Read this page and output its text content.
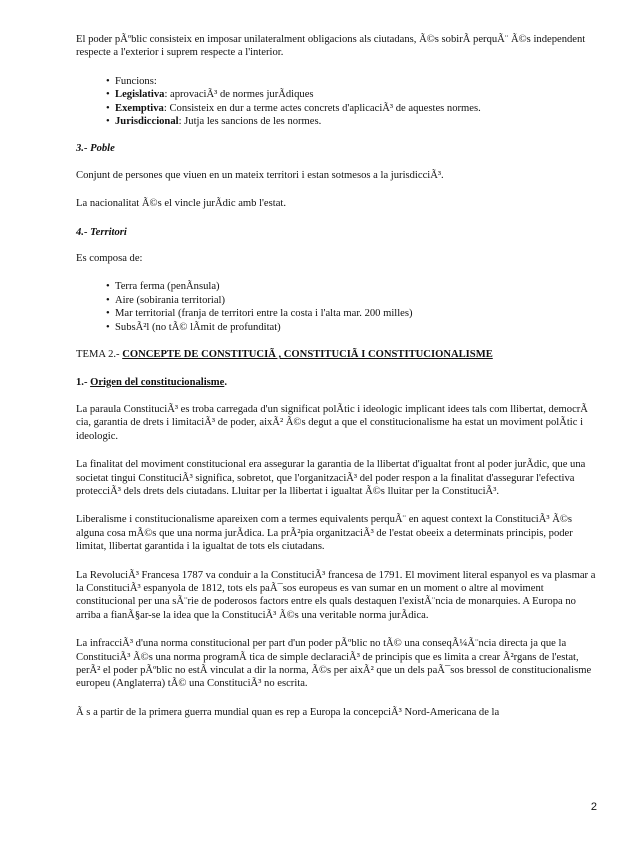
El poder pÃºblic consisteix en imposar unilateralment obligacions als ciutadans, Ã©s sobirÃ perquÃ¨ Ã©s independent respecte a l'exterior i suprem respecte a l'interior.

• Funcions:
• Legislativa: aprovaciÃ³ de normes jurÃdiques
• Exemptiva: Consisteix en dur a terme actes concrets d'aplicaciÃ³ de aquestes normes.
• Jurisdiccional: Jutja les sancions de les normes.

3.- Poble

Conjunt de persones que viuen en un mateix territori i estan sotmesos a la jurisdicciÃ³.

La nacionalitat Ã©s el vincle jurÃdic amb l'estat.

4.- Territori

Es composa de:

• Terra ferma (penÃnsula)
• Aire (sobirania territorial)
• Mar territorial (franja de territori entre la costa i l'alta mar. 200 milles)
• SubsÃ²l (no tÃ© lÃmit de profunditat)

TEMA 2.- CONCEPTE DE CONSTITUCIÃ , CONSTITUCIÃ I CONSTITUCIONALISME

1.- Origen del constitucionalisme.

La paraula ConstituciÃ³ es troba carregada d'un significat polÃtic i ideologic implicant idees tals com llibertat, democrÃ cia, garantia de drets i limitaciÃ³ de poder, aixÃ² Ã©s degut a que el constitucionalisme ha estat un moviment polÃtic i ideologic.

La finalitat del moviment constitucional era assegurar la garantia de la llibertat d'igualtat front al poder jurÃdic, que una societat tingui ConstituciÃ³ significa, sobretot, que l'organitzaciÃ³ del poder respon a la finalitat d'assegurar l'efectiva protecciÃ³ dels drets dels ciutadans. Lluitar per la llibertat i igualtat Ã©s lluitar per la ConstituciÃ³.

Liberalisme i constitucionalisme apareixen com a termes equivalents perquÃ¨ en aquest context la ConstituciÃ³ Ã©s alguna cosa mÃ©s que una norma jurÃdica. La prÃ²pia organitzaciÃ³ de l'estat obeeix a determinats principis, poder limitat, llibertat garantida i la igualtat de tots els ciutadans.

La RevoluciÃ³ Francesa 1787 va conduir a la ConstituciÃ³ francesa de 1791. El moviment literal espanyol es va plasmar a la ConstituciÃ³ espanyola de 1812, tots els paÃ¯sos europeus es van sumar en un moment o altre al moviment constitucional per una sÃ¨rie de poderosos factors entre els quals destaquen l'existÃ¨ncia de monarquies. A Europa no arriba a fianÃ§ar-se la idea que la ConstituciÃ³ Ã©s una veritable norma jurÃdica.

La infracciÃ³ d'una norma constitucional per part d'un poder pÃºblic no tÃ© una conseqÃ¼Ã¨ncia directa ja que la ConstituciÃ³ Ã©s una norma programÃ tica de simple declaraciÃ³ de principis que es limita a crear Ã²rgans de l'estat, perÃ² el poder pÃºblic no estÃ vinculat a dir la norma, Ã©s per aixÃ² que un dels paÃ¯sos bressol de constitucionalisme europeu (Anglaterra) tÃ© una ConstituciÃ³ no escrita.

Ã s a partir de la primera guerra mundial quan es rep a Europa la concepciÃ³ Nord-Americana de la

2
